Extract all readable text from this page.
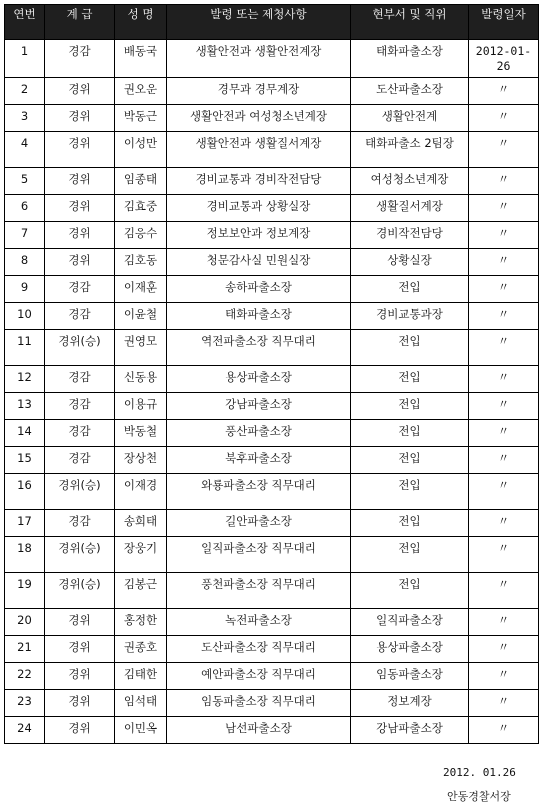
연번	계 급	성 명	발령 또는 제청사항	현부서 및 직위	발령일자
1	경감	배동국	생활안전과 생활안전계장	태화파출소장	2012-01-26
2	경위	권오운	경무과 경무계장	도산파출소장	〃
3	경위	박동근	생활안전과 여성청소년계장	생활안전계	〃
4	경위	이성만	생활안전과 생활질서계장	태화파출소 2팀장	〃
5	경위	임종태	경비교통과 경비작전담당	여성청소년계장	〃
6	경위	김효중	경비교통과 상황실장	생활질서계장	〃
7	경위	김응수	정보보안과 정보계장	경비작전담당	〃
8	경위	김호동	청문감사실 민원실장	상황실장	〃
9	경감	이재훈	송하파출소장	전입	〃
10	경감	이윤철	태화파출소장	경비교통과장	〃
11	경위(승)	권영모	역전파출소장 직무대리	전입	〃
12	경감	신동용	용상파출소장	전입	〃
13	경감	이용규	강남파출소장	전입	〃
14	경감	박동철	풍산파출소장	전입	〃
15	경감	장상천	북후파출소장	전입	〃
16	경위(승)	이재경	와룡파출소장 직무대리	전입	〃
17	경감	송희태	길안파출소장	전입	〃
18	경위(승)	장웅기	일직파출소장 직무대리	전입	〃
19	경위(승)	김봉근	풍천파출소장 직무대리	전입	〃
20	경위	홍정한	녹전파출소장	일직파출소장	〃
21	경위	권종호	도산파출소장 직무대리	용상파출소장	〃
22	경위	김태한	예안파출소장 직무대리	임동파출소장	〃
23	경위	임석태	임동파출소장 직무대리	정보계장	〃
24	경위	이민옥	남선파출소장	강남파출소장	〃
2012. 01.26
안동경찰서장
